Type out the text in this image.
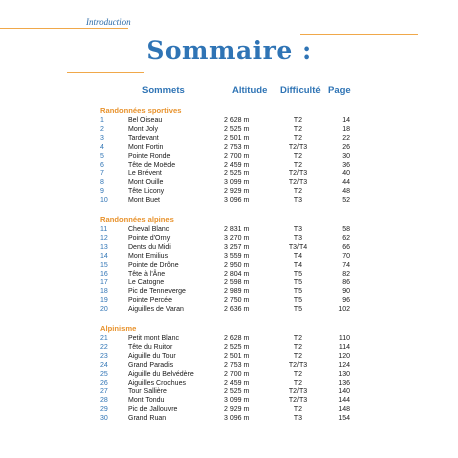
Introduction
Sommaire :
Sommets	Altitude Difficulté Page
Randonnées sportives
1	Bel Oiseau	2 628 m	T2	14
2	Mont Joly	2 525 m	T2	18
3	Tardevant	2 501 m	T2	22
4	Mont Fortin	2 753 m	T2/T3	26
5	Pointe Ronde	2 700 m	T2	30
6	Tête de Moëde	2 459 m	T2	36
7	Le Brévent	2 525 m	T2/T3	40
8	Mont Ouille	3 099 m	T2/T3	44
9	Tête Licony	2 929 m	T2	48
10	Mont Buet	3 096 m	T3	52
Randonnées alpines
11	Cheval Blanc	2 831 m	T3	58
12	Pointe d'Orny	3 270 m	T3	62
13	Dents du Midi	3 257 m	T3/T4	66
14	Mont Emilius	3 559 m	T4	70
15	Pointe de Drône	2 950 m	T4	74
16	Tête à l'Âne	2 804 m	T5	82
17	Le Catogne	2 598 m	T5	86
18	Pic de Tenneverge	2 989 m	T5	90
19	Pointe Percée	2 750 m	T5	96
20	Aiguilles de Varan	2 636 m	T5	102
Alpinisme
21	Petit mont Blanc	2 628 m	T2	110
22	Tête du Ruitor	2 525 m	T2	114
23	Aiguille du Tour	2 501 m	T2	120
24	Grand Paradis	2 753 m	T2/T3	124
25	Aiguille du Belvédère	2 700 m	T2	130
26	Aiguilles Crochues	2 459 m	T2	136
27	Tour Sallière	2 525 m	T2/T3	140
28	Mont Tondu	3 099 m	T2/T3	144
29	Pic de Jallouvre	2 929 m	T2	148
30	Grand Ruan	3 096 m	T3	154
